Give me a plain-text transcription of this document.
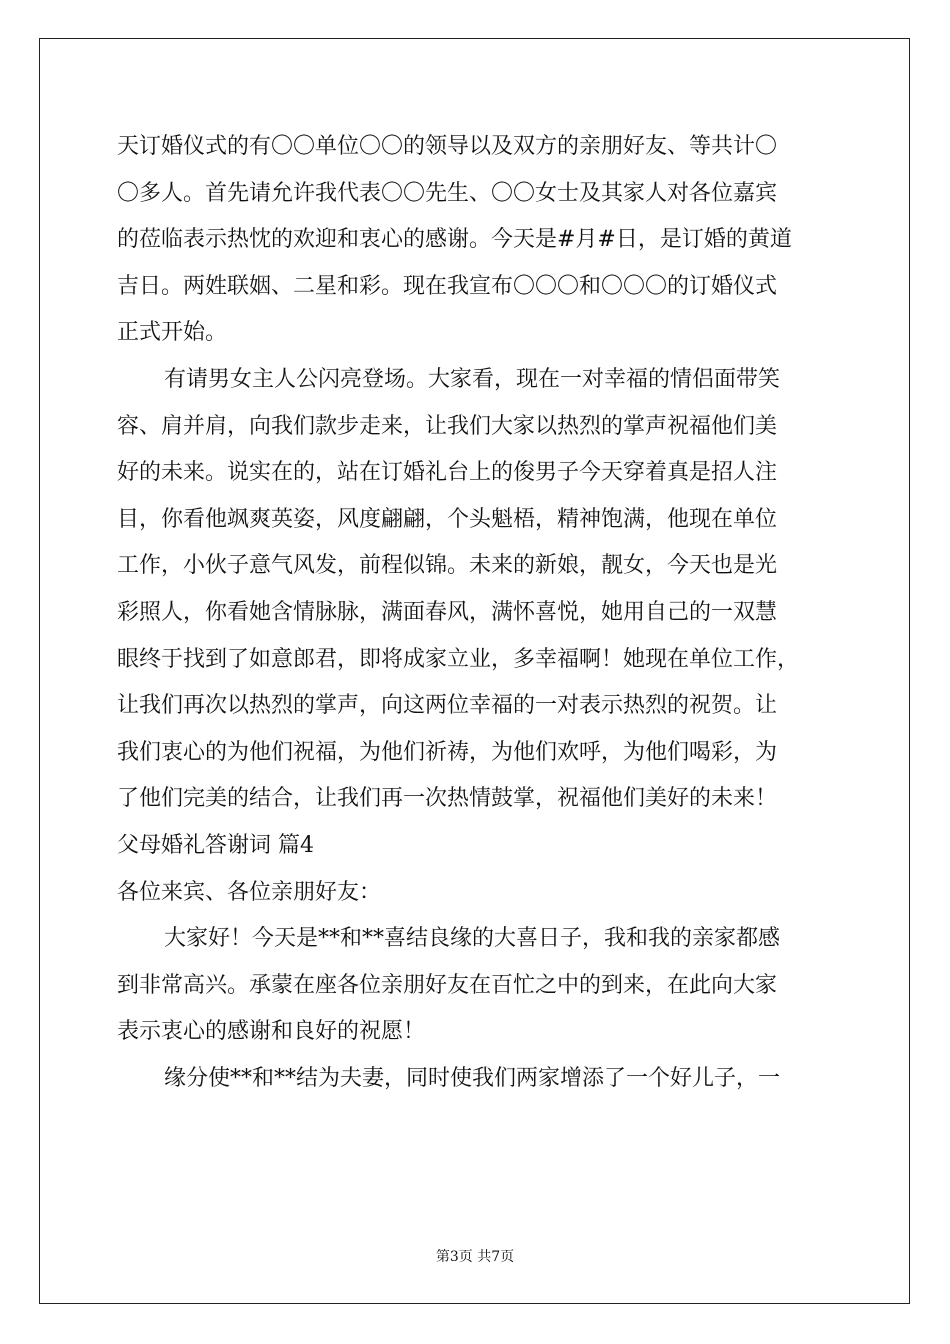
天订婚仪式的有〇〇单位〇〇的领导以及双方的亲朋好友、等共计〇
〇多人。首先请允许我代表〇〇先生、〇〇女士及其家人对各位嘉宾
的莅临表示热忱的欢迎和衷心的感谢。今天是#月#日，是订婚的黄道
吉日。两姓联姻、二星和彩。现在我宣布〇〇〇和〇〇〇的订婚仪式
正式开始。
有请男女主人公闪亮登场。大家看，现在一对幸福的情侣面带笑
容、肩并肩，向我们款步走来，让我们大家以热烈的掌声祝福他们美
好的未来。说实在的，站在订婚礼台上的俊男子今天穿着真是招人注
目，你看他飒爽英姿，风度翩翩，个头魁梧，精神饱满，他现在单位
工作，小伙子意气风发，前程似锦。未来的新娘，靓女，今天也是光
彩照人，你看她含情脉脉，满面春风，满怀喜悦，她用自己的一双慧
眼终于找到了如意郎君，即将成家立业，多幸福啊！她现在单位工作，
让我们再次以热烈的掌声，向这两位幸福的一对表示热烈的祝贺。让
我们衷心的为他们祝福，为他们祈祷，为他们欢呼，为他们喝彩，为
了他们完美的结合，让我们再一次热情鼓掌，祝福他们美好的未来！
父母婚礼答谢词 篇4
各位来宾、各位亲朋好友：
大家好！今天是**和**喜结良缘的大喜日子，我和我的亲家都感
到非常高兴。承蒙在座各位亲朋好友在百忙之中的到来，在此向大家
表示衷心的感谢和良好的祝愿！
缘分使**和**结为夫妻，同时使我们两家增添了一个好儿子，一
第3页 共7页
